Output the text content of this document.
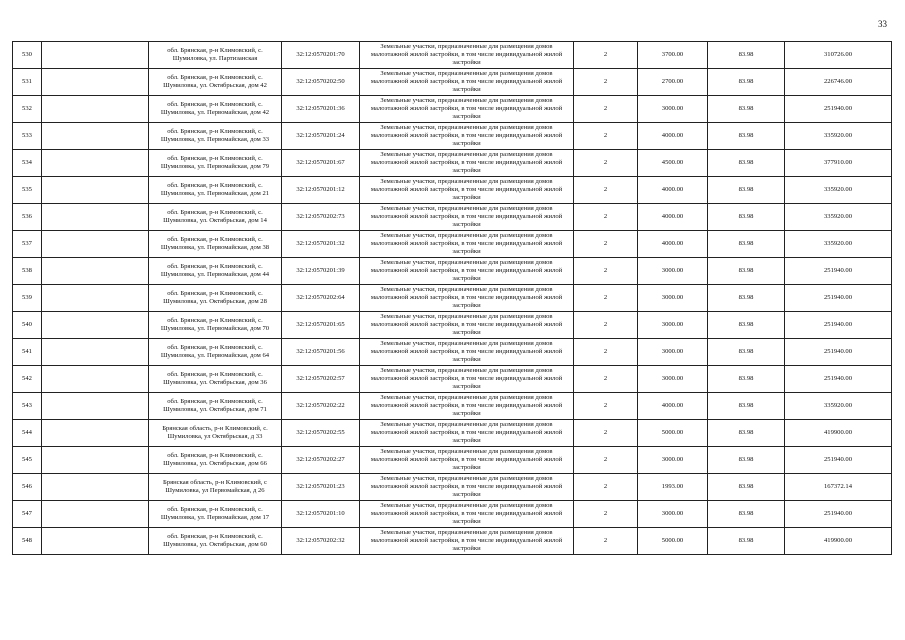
33
530		обл. Брянская, р-н Климовский, с. Шумиловка, ул. Партизанская	32:12:0570201:70	Земельные участки, предназначенные для размещения домов малоэтажной жилой застройки, в том числе индивидуальной жилой застройки	2	3700.00	83.98	310726.00
531		обл. Брянская, р-н Климовский, с. Шумиловка, ул. Октябрьская, дом 42	32:12:0570202:50	Земельные участки, предназначенные для размещения домов малоэтажной жилой застройки, в том числе индивидуальной жилой застройки	2	2700.00	83.98	226746.00
532		обл. Брянская, р-н Климовский, с. Шумиловка, ул. Первомайская, дом 42	32:12:0570201:36	Земельные участки, предназначенные для размещения домов малоэтажной жилой застройки, в том числе индивидуальной жилой застройки	2	3000.00	83.98	251940.00
533		обл. Брянская, р-н Климовский, с. Шумиловка, ул. Первомайская, дом 33	32:12:0570201:24	Земельные участки, предназначенные для размещения домов малоэтажной жилой застройки, в том числе индивидуальной жилой застройки	2	4000.00	83.98	335920.00
534		обл. Брянская, р-н Климовский, с. Шумиловка, ул. Первомайская, дом 79	32:12:0570201:67	Земельные участки, предназначенные для размещения домов малоэтажной жилой застройки, в том числе индивидуальной жилой застройки	2	4500.00	83.98	377910.00
535		обл. Брянская, р-н Климовский, с. Шумиловка, ул. Первомайская, дом 21	32:12:0570201:12	Земельные участки, предназначенные для размещения домов малоэтажной жилой застройки, в том числе индивидуальной жилой застройки	2	4000.00	83.98	335920.00
536		обл. Брянская, р-н Климовский, с. Шумиловка, ул. Октябрьская, дом 14	32:12:0570202:73	Земельные участки, предназначенные для размещения домов малоэтажной жилой застройки, в том числе индивидуальной жилой застройки	2	4000.00	83.98	335920.00
537		обл. Брянская, р-н Климовский, с. Шумиловка, ул. Первомайская, дом 38	32:12:0570201:32	Земельные участки, предназначенные для размещения домов малоэтажной жилой застройки, в том числе индивидуальной жилой застройки	2	4000.00	83.98	335920.00
538		обл. Брянская, р-н Климовский, с. Шумиловка, ул. Первомайская, дом 44	32:12:0570201:39	Земельные участки, предназначенные для размещения домов малоэтажной жилой застройки, в том числе индивидуальной жилой застройки	2	3000.00	83.98	251940.00
539		обл. Брянская, р-н Климовский, с. Шумиловка, ул. Октябрьская, дом 28	32:12:0570202:64	Земельные участки, предназначенные для размещения домов малоэтажной жилой застройки, в том числе индивидуальной жилой застройки	2	3000.00	83.98	251940.00
540		обл. Брянская, р-н Климовский, с. Шумиловка, ул. Первомайская, дом 70	32:12:0570201:65	Земельные участки, предназначенные для размещения домов малоэтажной жилой застройки, в том числе индивидуальной жилой застройки	2	3000.00	83.98	251940.00
541		обл. Брянская, р-н Климовский, с. Шумиловка, ул. Первомайская, дом 64	32:12:0570201:56	Земельные участки, предназначенные для размещения домов малоэтажной жилой застройки, в том числе индивидуальной жилой застройки	2	3000.00	83.98	251940.00
542		обл. Брянская, р-н Климовский, с. Шумиловка, ул. Октябрьская, дом 36	32:12:0570202:57	Земельные участки, предназначенные для размещения домов малоэтажной жилой застройки, в том числе индивидуальной жилой застройки	2	3000.00	83.98	251940.00
543		обл. Брянская, р-н Климовский, с. Шумиловка, ул. Октябрьская, дом 71	32:12:0570202:22	Земельные участки, предназначенные для размещения домов малоэтажной жилой застройки, в том числе индивидуальной жилой застройки	2	4000.00	83.98	335920.00
544		Брянская область, р-н Климовский, с. Шумиловка, ул Октябрьская, д 33	32:12:0570202:55	Земельные участки, предназначенные для размещения домов малоэтажной жилой застройки, в том числе индивидуальной жилой застройки	2	5000.00	83.98	419900.00
545		обл. Брянская, р-н Климовский, с. Шумиловка, ул. Октябрьская, дом 66	32:12:0570202:27	Земельные участки, предназначенные для размещения домов малоэтажной жилой застройки, в том числе индивидуальной жилой застройки	2	3000.00	83.98	251940.00
546		Брянская область, р-н Климовский, с Шумиловка, ул Первомайская, д 26	32:12:0570201:23	Земельные участки, предназначенные для размещения домов малоэтажной жилой застройки, в том числе индивидуальной жилой застройки	2	1993.00	83.98	167372.14
547		обл. Брянская, р-н Климовский, с. Шумиловка, ул. Первомайская, дом 17	32:12:0570201:10	Земельные участки, предназначенные для размещения домов малоэтажной жилой застройки, в том числе индивидуальной жилой застройки	2	3000.00	83.98	251940.00
548		обл. Брянская, р-н Климовский, с. Шумиловка, ул. Октябрьская, дом 60	32:12:0570202:32	Земельные участки, предназначенные для размещения домов малоэтажной жилой застройки, в том числе индивидуальной жилой застройки	2	5000.00	83.98	419900.00
